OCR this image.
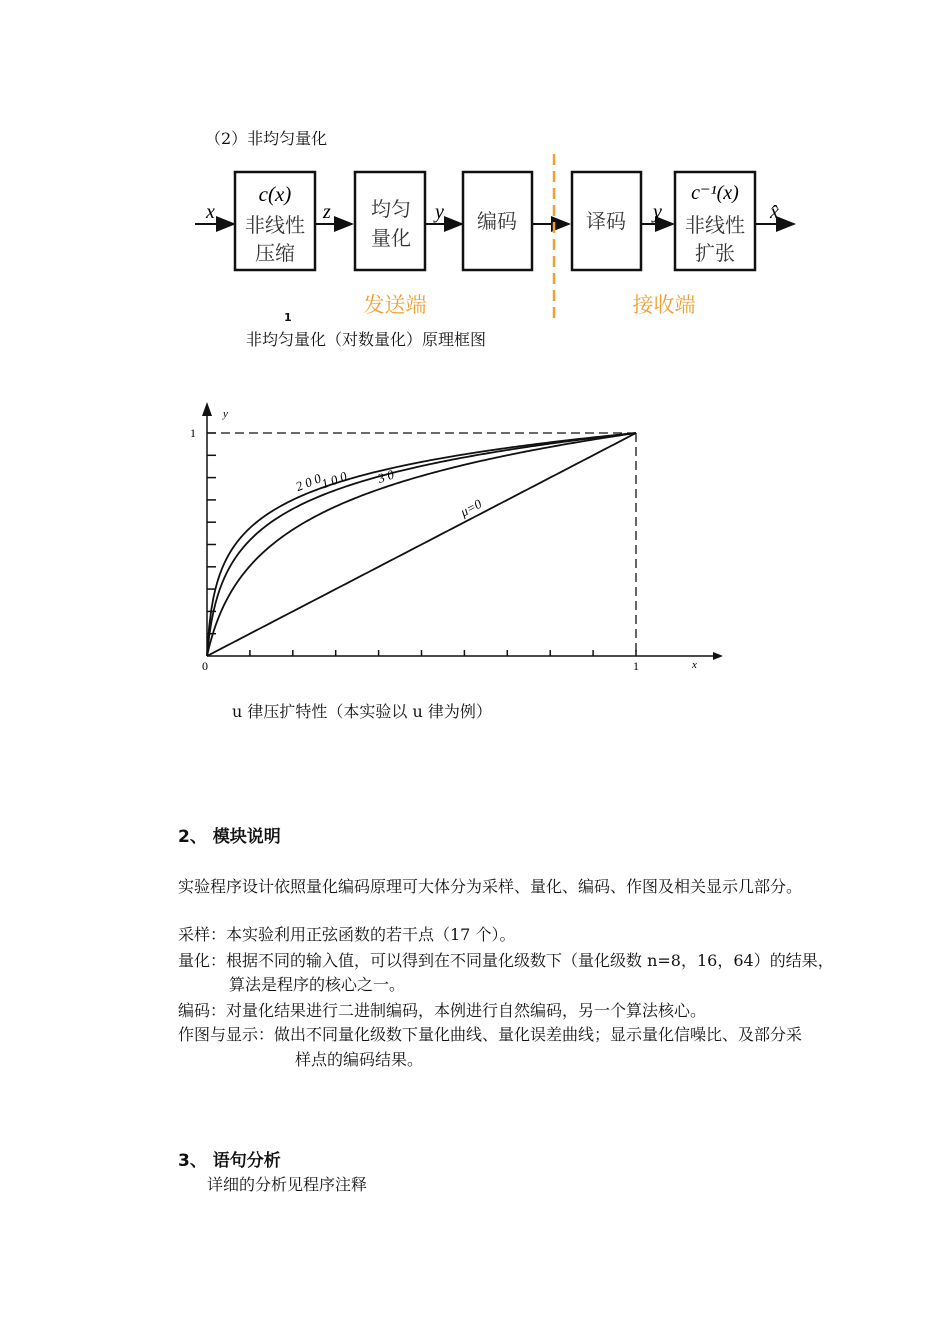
（2）非均匀量化
x
c(x)
非线性
压缩
z 均匀
量化
y 编码	译码 y
c⁻¹(x)
非线性
扩张
x̂
发送端	接收端
1
非均匀量化（对数量化）原理框图
μ=0
3 0
1 0 0
2 0 0
0	1
1
x
y
u 律压扩特性（本实验以 u 律为例）
2、 模块说明
实验程序设计依照量化编码原理可大体分为采样、量化、编码、作图及相关显示几部分。
采样：本实验利用正弦函数的若干点（17 个）。
量化：根据不同的输入值，可以得到在不同量化级数下（量化级数 n=8，16，64）的结果，
算法是程序的核心之一。
编码：对量化结果进行二进制编码，本例进行自然编码，另一个算法核心。
作图与显示：做出不同量化级数下量化曲线、量化误差曲线；显示量化信噪比、及部分采
样点的编码结果。
3、 语句分析
详细的分析见程序注释
